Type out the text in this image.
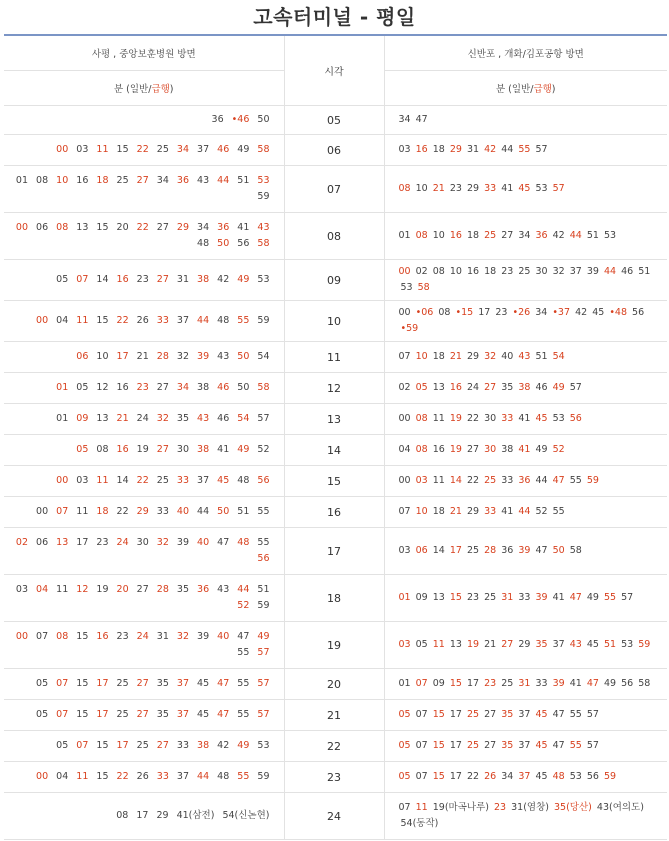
고속터미널 - 평일
사평 , 중앙보훈병원 방면	시각	신반포 , 개화/김포공항 방면
분 (일반/급행)		분 (일반/급행)
36 •46 50	05	34 47
00 03 11 15 22 25 34 37 46 49 58	06	03 16 18 29 31 42 44 55 57
01 08 10 16 18 25 27 34 36 43 44 51 53 59	07	08 10 21 23 29 33 41 45 53 57
00 06 08 13 15 20 22 27 29 34 36 41 43 48 50 56 58	08	01 08 10 16 18 25 27 34 36 42 44 51 53
05 07 14 16 23 27 31 38 42 49 53	09	00 02 08 10 16 18 23 25 30 32 37 39 44 46 51 53 58
00 04 11 15 22 26 33 37 44 48 55 59	10	00 •06 08 •15 17 23 •26 34 •37 42 45 •48 56 •59
06 10 17 21 28 32 39 43 50 54	11	07 10 18 21 29 32 40 43 51 54
01 05 12 16 23 27 34 38 46 50 58	12	02 05 13 16 24 27 35 38 46 49 57
01 09 13 21 24 32 35 43 46 54 57	13	00 08 11 19 22 30 33 41 45 53 56
05 08 16 19 27 30 38 41 49 52	14	04 08 16 19 27 30 38 41 49 52
00 03 11 14 22 25 33 37 45 48 56	15	00 03 11 14 22 25 33 36 44 47 55 59
00 07 11 18 22 29 33 40 44 50 51 55	16	07 10 18 21 29 33 41 44 52 55
02 06 13 17 23 24 30 32 39 40 47 48 55 56	17	03 06 14 17 25 28 36 39 47 50 58
03 04 11 12 19 20 27 28 35 36 43 44 51 52 59	18	01 09 13 15 23 25 31 33 39 41 47 49 55 57
00 07 08 15 16 23 24 31 32 39 40 47 49 55 57	19	03 05 11 13 19 21 27 29 35 37 43 45 51 53 59
05 07 15 17 25 27 35 37 45 47 55 57	20	01 07 09 15 17 23 25 31 33 39 41 47 49 56 58
05 07 15 17 25 27 35 37 45 47 55 57	21	05 07 15 17 25 27 35 37 45 47 55 57
05 07 15 17 25 27 33 38 42 49 53	22	05 07 15 17 25 27 35 37 45 47 55 57
00 04 11 15 22 26 33 37 44 48 55 59	23	05 07 15 17 22 26 34 37 45 48 53 56 59
08 17 29 41(삼전) 54(신논현)	24	07 11 19(마곡나루) 23 31(염창) 35(당산) 43(여의도) 54(동작)
